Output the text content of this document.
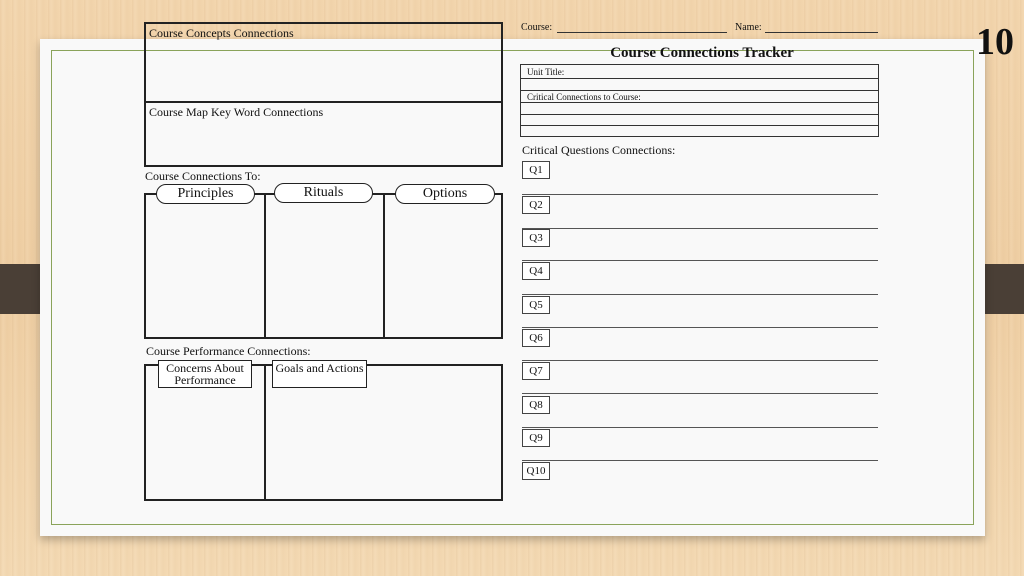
10
Course:	Name:
Course Connections Tracker
Course Concepts Connections
Course Map Key Word Connections
Course Connections To:
Principles	Rituals	Options
Course Performance Connections:
Concerns About Performance
Goals and Actions
Unit Title:
Critical Connections to Course:
Critical Questions Connections:
Q1
Q2
Q3
Q4
Q5
Q6
Q7
Q8
Q9
Q10
